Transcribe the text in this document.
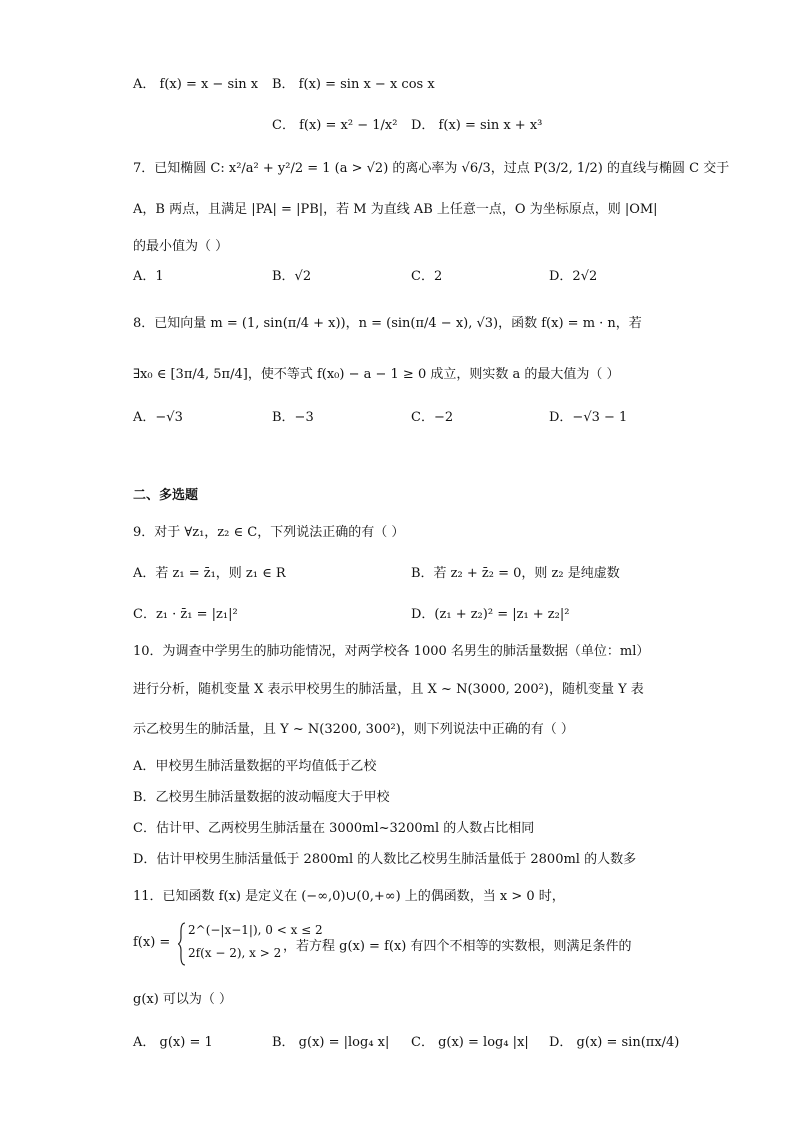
A． f(x) = x − sin x B． f(x) = sin x − x cos x
C． f(x) = x² − 1/x² D． f(x) = sin x + x³
7．已知椭圆 C: x²/a² + y²/2 = 1 (a > √2) 的离心率为 √6/3，过点 P(3/2, 1/2) 的直线与椭圆 C 交于
A，B 两点，且满足 |PA| = |PB|，若 M 为直线 AB 上任意一点，O 为坐标原点，则 |OM|
的最小值为（ ）
A．1	B．√2	C．2	D．2√2
8．已知向量 m = (1, sin(π/4 + x))，n = (sin(π/4 − x), √3)，函数 f(x) = m · n，若
∃x₀ ∈ [3π/4, 5π/4]，使不等式 f(x₀) − a − 1 ≥ 0 成立，则实数 a 的最大值为（ ）
A．−√3	B．−3	C．−2	D．−√3 − 1
二、多选题
9．对于 ∀z₁，z₂ ∈ C，下列说法正确的有（ ）
A．若 z₁ = z̄₁，则 z₁ ∈ R	B．若 z₂ + z̄₂ = 0，则 z₂ 是纯虚数
C．z₁ · z̄₁ = |z₁|²	D．(z₁ + z₂)² = |z₁ + z₂|²
10．为调查中学男生的肺功能情况，对两学校各 1000 名男生的肺活量数据（单位：ml）
进行分析，随机变量 X 表示甲校男生的肺活量，且 X ~ N(3000, 200²)，随机变量 Y 表
示乙校男生的肺活量，且 Y ~ N(3200, 300²)，则下列说法中正确的有（ ）
A．甲校男生肺活量数据的平均值低于乙校
B．乙校男生肺活量数据的波动幅度大于甲校
C．估计甲、乙两校男生肺活量在 3000ml~3200ml 的人数占比相同
D．估计甲校男生肺活量低于 2800ml 的人数比乙校男生肺活量低于 2800ml 的人数多
11．已知函数 f(x) 是定义在 (−∞,0)∪(0,+∞) 上的偶函数，当 x > 0 时，
f(x) =
2^(−|x−1|), 0 < x ≤ 2
2f(x − 2), x > 2 ，若方程 g(x) = f(x) 有四个不相等的实数根，则满足条件的
g(x) 可以为（ ）
A． g(x) = 1	B． g(x) = |log₄ x| C． g(x) = log₄ |x| D． g(x) = sin(πx/4)
